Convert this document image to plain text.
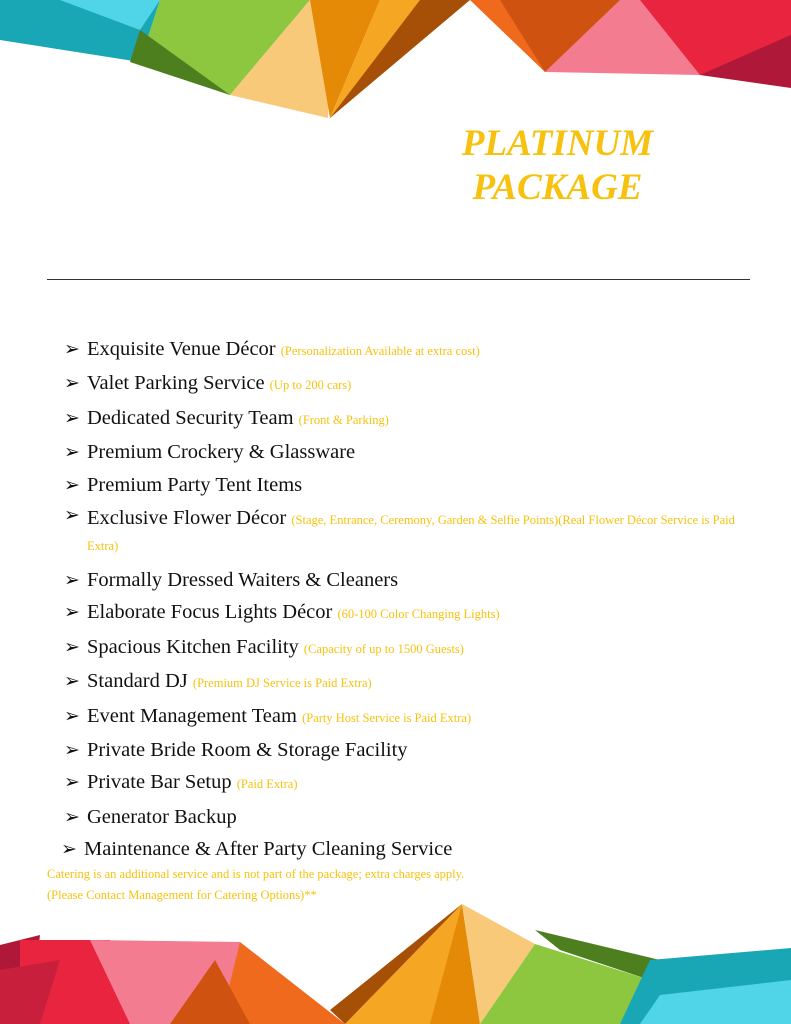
PLATINUM
PACKAGE
➢ Exquisite Venue Décor (Personalization Available at extra cost)
➢ Valet Parking Service (Up to 200 cars)
➢ Dedicated Security Team (Front & Parking)
➢ Premium Crockery & Glassware
➢ Premium Party Tent Items
➢ Exclusive Flower Décor (Stage, Entrance, Ceremony, Garden & Selfie Points)(Real Flower Décor Service is Paid Extra)
➢ Formally Dressed Waiters & Cleaners
➢ Elaborate Focus Lights Décor (60-100 Color Changing Lights)
➢ Spacious Kitchen Facility (Capacity of up to 1500 Guests)
➢ Standard DJ (Premium DJ Service is Paid Extra)
➢ Event Management Team (Party Host Service is Paid Extra)
➢ Private Bride Room & Storage Facility
➢ Private Bar Setup (Paid Extra)
➢ Generator Backup
➢ Maintenance & After Party Cleaning Service
Catering is an additional service and is not part of the package; extra charges apply.
(Please Contact Management for Catering Options)**
